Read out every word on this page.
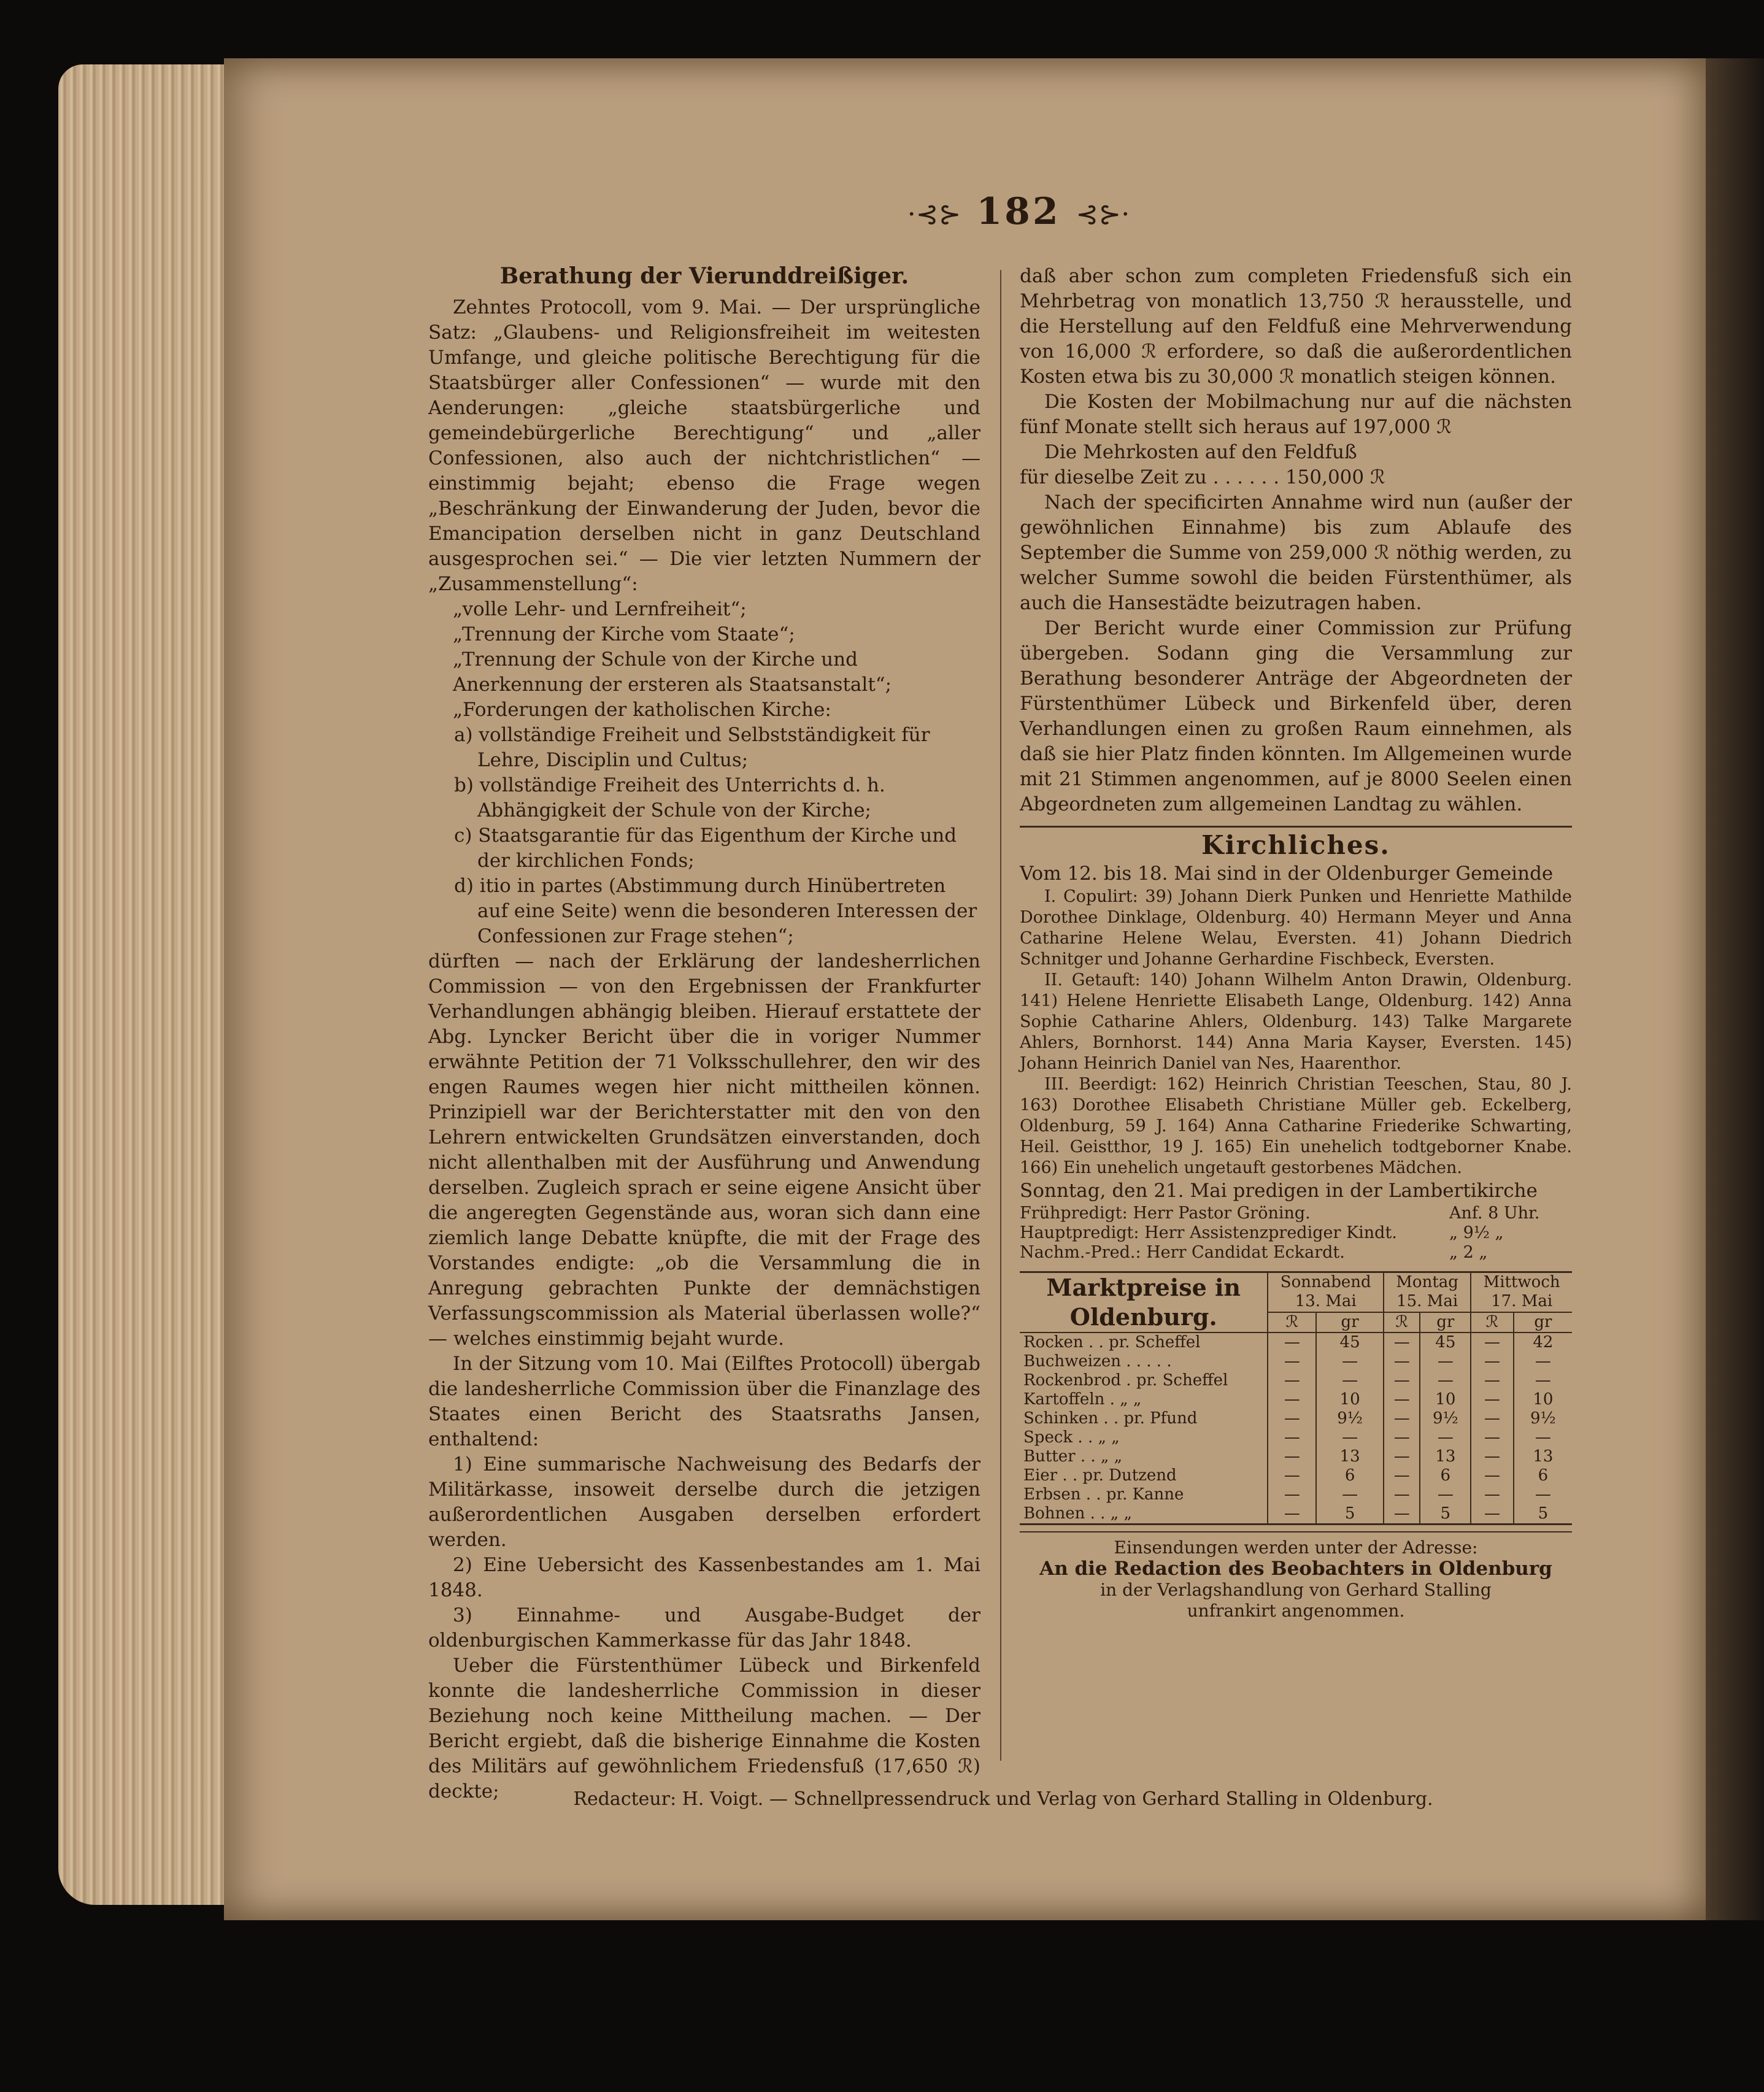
·⊰⊱ 182 ⊰⊱·
Berathung der Vierunddreißiger.

Zehntes Protocoll, vom 9. Mai. — Der ursprüngliche Satz: „Glaubens- und Religionsfreiheit im weitesten Umfange, und gleiche politische Berechtigung für die Staatsbürger aller Confessionen“ — wurde mit den Aenderungen: „gleiche staatsbürgerliche und gemeindebürgerliche Berechtigung“ und „aller Confessionen, also auch der nichtchristlichen“ — einstimmig bejaht; ebenso die Frage wegen „Beschränkung der Einwanderung der Juden, bevor die Emancipation derselben nicht in ganz Deutschland ausgesprochen sei.“ — Die vier letzten Nummern der „Zusammenstellung“:

„volle Lehr- und Lernfreiheit“;

„Trennung der Kirche vom Staate“;

„Trennung der Schule von der Kirche und Anerkennung der ersteren als Staatsanstalt“;

„Forderungen der katholischen Kirche:

a) vollständige Freiheit und Selbstständigkeit für Lehre, Disciplin und Cultus;

b) vollständige Freiheit des Unterrichts d. h. Abhängigkeit der Schule von der Kirche;

c) Staatsgarantie für das Eigenthum der Kirche und der kirchlichen Fonds;

d) itio in partes (Abstimmung durch Hinübertreten auf eine Seite) wenn die besonderen Interessen der Confessionen zur Frage stehen“;

dürften — nach der Erklärung der landesherrlichen Commission — von den Ergebnissen der Frankfurter Verhandlungen abhängig bleiben. Hierauf erstattete der Abg. Lyncker Bericht über die in voriger Nummer erwähnte Petition der 71 Volksschullehrer, den wir des engen Raumes wegen hier nicht mittheilen können. Prinzipiell war der Berichterstatter mit den von den Lehrern entwickelten Grundsätzen einverstanden, doch nicht allenthalben mit der Ausführung und Anwendung derselben. Zugleich sprach er seine eigene Ansicht über die angeregten Gegenstände aus, woran sich dann eine ziemlich lange Debatte knüpfte, die mit der Frage des Vorstandes endigte: „ob die Versammlung die in Anregung gebrachten Punkte der demnächstigen Verfassungscommission als Material überlassen wolle?“ — welches einstimmig bejaht wurde.

In der Sitzung vom 10. Mai (Eilftes Protocoll) übergab die landesherrliche Commission über die Finanzlage des Staates einen Bericht des Staatsraths Jansen, enthaltend:

1) Eine summarische Nachweisung des Bedarfs der Militärkasse, insoweit derselbe durch die jetzigen außerordentlichen Ausgaben derselben erfordert werden.

2) Eine Uebersicht des Kassenbestandes am 1. Mai 1848.

3) Einnahme- und Ausgabe-Budget der oldenburgischen Kammerkasse für das Jahr 1848.

Ueber die Fürstenthümer Lübeck und Birkenfeld konnte die landesherrliche Commission in dieser Beziehung noch keine Mittheilung machen. — Der Bericht ergiebt, daß die bisherige Einnahme die Kosten des Militärs auf gewöhnlichem Friedensfuß (17,650 ℛ) deckte;

daß aber schon zum completen Friedensfuß sich ein Mehrbetrag von monatlich 13,750 ℛ herausstelle, und die Herstellung auf den Feldfuß eine Mehrverwendung von 16,000 ℛ erfordere, so daß die außerordentlichen Kosten etwa bis zu 30,000 ℛ monatlich steigen können.

Die Kosten der Mobilmachung nur auf die nächsten fünf Monate stellt sich heraus auf 197,000 ℛ

Die Mehrkosten auf den Feldfuß

für dieselbe Zeit zu . . . . . . 150,000 ℛ

Nach der specificirten Annahme wird nun (außer der gewöhnlichen Einnahme) bis zum Ablaufe des September die Summe von 259,000 ℛ nöthig werden, zu welcher Summe sowohl die beiden Fürstenthümer, als auch die Hansestädte beizutragen haben.

Der Bericht wurde einer Commission zur Prüfung übergeben. Sodann ging die Versammlung zur Berathung besonderer Anträge der Abgeordneten der Fürstenthümer Lübeck und Birkenfeld über, deren Verhandlungen einen zu großen Raum einnehmen, als daß sie hier Platz finden könnten. Im Allgemeinen wurde mit 21 Stimmen angenommen, auf je 8000 Seelen einen Abgeordneten zum allgemeinen Landtag zu wählen.

Kirchliches.

Vom 12. bis 18. Mai sind in der Oldenburger Gemeinde

I. Copulirt: 39) Johann Dierk Punken und Henriette Mathilde Dorothee Dinklage, Oldenburg. 40) Hermann Meyer und Anna Catharine Helene Welau, Eversten. 41) Johann Diedrich Schnitger und Johanne Gerhardine Fischbeck, Eversten.

II. Getauft: 140) Johann Wilhelm Anton Drawin, Oldenburg. 141) Helene Henriette Elisabeth Lange, Oldenburg. 142) Anna Sophie Catharine Ahlers, Oldenburg. 143) Talke Margarete Ahlers, Bornhorst. 144) Anna Maria Kayser, Eversten. 145) Johann Heinrich Daniel van Nes, Haarenthor.

III. Beerdigt: 162) Heinrich Christian Teeschen, Stau, 80 J. 163) Dorothee Elisabeth Christiane Müller geb. Eckelberg, Oldenburg, 59 J. 164) Anna Catharine Friederike Schwarting, Heil. Geistthor, 19 J. 165) Ein unehelich todtgeborner Knabe. 166) Ein unehelich ungetauft gestorbenes Mädchen.

Sonntag, den 21. Mai predigen in der Lambertikirche

Frühpredigt: Herr Pastor Gröning.	Anf. 8 Uhr.
Hauptpredigt: Herr Assistenzprediger Kindt.	„ 9½ „
Nachm.-Pred.: Herr Candidat Eckardt.	„ 2 „
Marktpreise in Oldenburg.	Sonnabend 13. Mai		Montag 15. Mai		Mittwoch 17. Mai	
	ℛ	gr	ℛ	gr	ℛ	gr
Rocken . . pr. Scheffel	—	45	—	45	—	42
Buchweizen . . . . .	—	—	—	—	—	—
Rockenbrod . pr. Scheffel	—	—	—	—	—	—
Kartoffeln . „ „	—	10	—	10	—	10
Schinken . . pr. Pfund	—	9½	—	9½	—	9½
Speck . . „ „	—	—	—	—	—	—
Butter . . „ „	—	13	—	13	—	13
Eier . . pr. Dutzend	—	6	—	6	—	6
Erbsen . . pr. Kanne	—	—	—	—	—	—
Bohnen . . „ „	—	5	—	5	—	5
Einsendungen werden unter der Adresse:
An die Redaction des Beobachters in Oldenburg
in der Verlagshandlung von Gerhard Stalling
unfrankirt angenommen.
Redacteur: H. Voigt. — Schnellpressendruck und Verlag von Gerhard Stalling in Oldenburg.
